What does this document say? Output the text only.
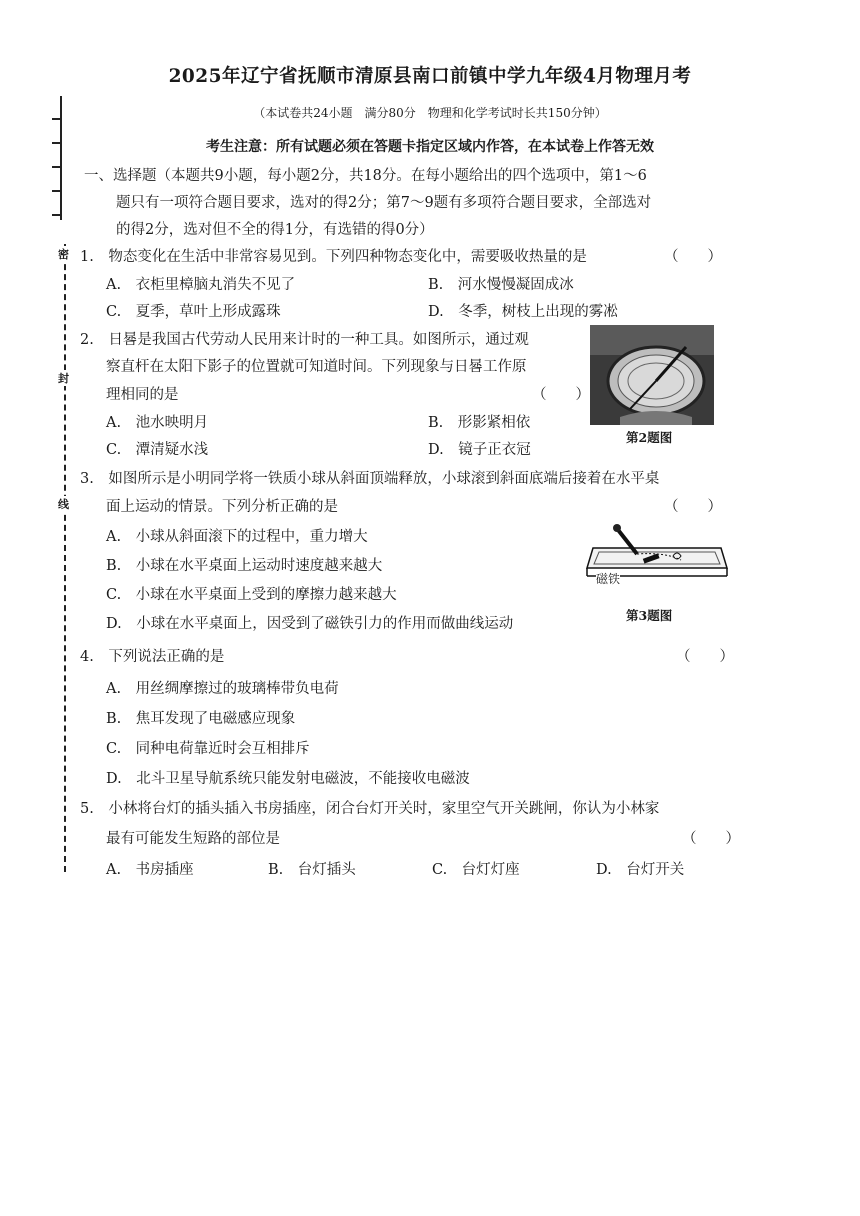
2025年辽宁省抚顺市清原县南口前镇中学九年级4月物理月考
（本试卷共24小题　满分80分　物理和化学考试时长共150分钟）
考生注意：所有试题必须在答题卡指定区域内作答，在本试卷上作答无效
密
封
线
一、选择题（本题共9小题，每小题2分，共18分。在每小题给出的四个选项中，第1～6
题只有一项符合题目要求，选对的得2分；第7～9题有多项符合题目要求，全部选对
的得2分，选对但不全的得1分，有选错的得0分）
1.　物态变化在生活中非常容易见到。下列四种物态变化中，需要吸收热量的是	（　　）
A.　衣柜里樟脑丸消失不见了	B.　河水慢慢凝固成冰
C.　夏季，草叶上形成露珠	D.　冬季，树枝上出现的雾凇
2.　日晷是我国古代劳动人民用来计时的一种工具。如图所示，通过观
察直杆在太阳下影子的位置就可知道时间。下列现象与日晷工作原
理相同的是	（　　）
A.　池水映明月	B.　形影紧相依
C.　潭清疑水浅	D.　镜子正衣冠
第2题图
3.　如图所示是小明同学将一铁质小球从斜面顶端释放，小球滚到斜面底端后接着在水平桌
面上运动的情景。下列分析正确的是	（　　）
A.　小球从斜面滚下的过程中，重力增大
B.　小球在水平桌面上运动时速度越来越大
C.　小球在水平桌面上受到的摩擦力越来越大
D.　小球在水平桌面上，因受到了磁铁引力的作用而做曲线运动
磁铁
第3题图
4.　下列说法正确的是	（　　）
A.　用丝绸摩擦过的玻璃棒带负电荷
B.　焦耳发现了电磁感应现象
C.　同种电荷靠近时会互相排斥
D.　北斗卫星导航系统只能发射电磁波，不能接收电磁波
5.　小林将台灯的插头插入书房插座，闭合台灯开关时，家里空气开关跳闸，你认为小林家
最有可能发生短路的部位是	（　　）
A.　书房插座	B.　台灯插头	C.　台灯灯座	D.　台灯开关
